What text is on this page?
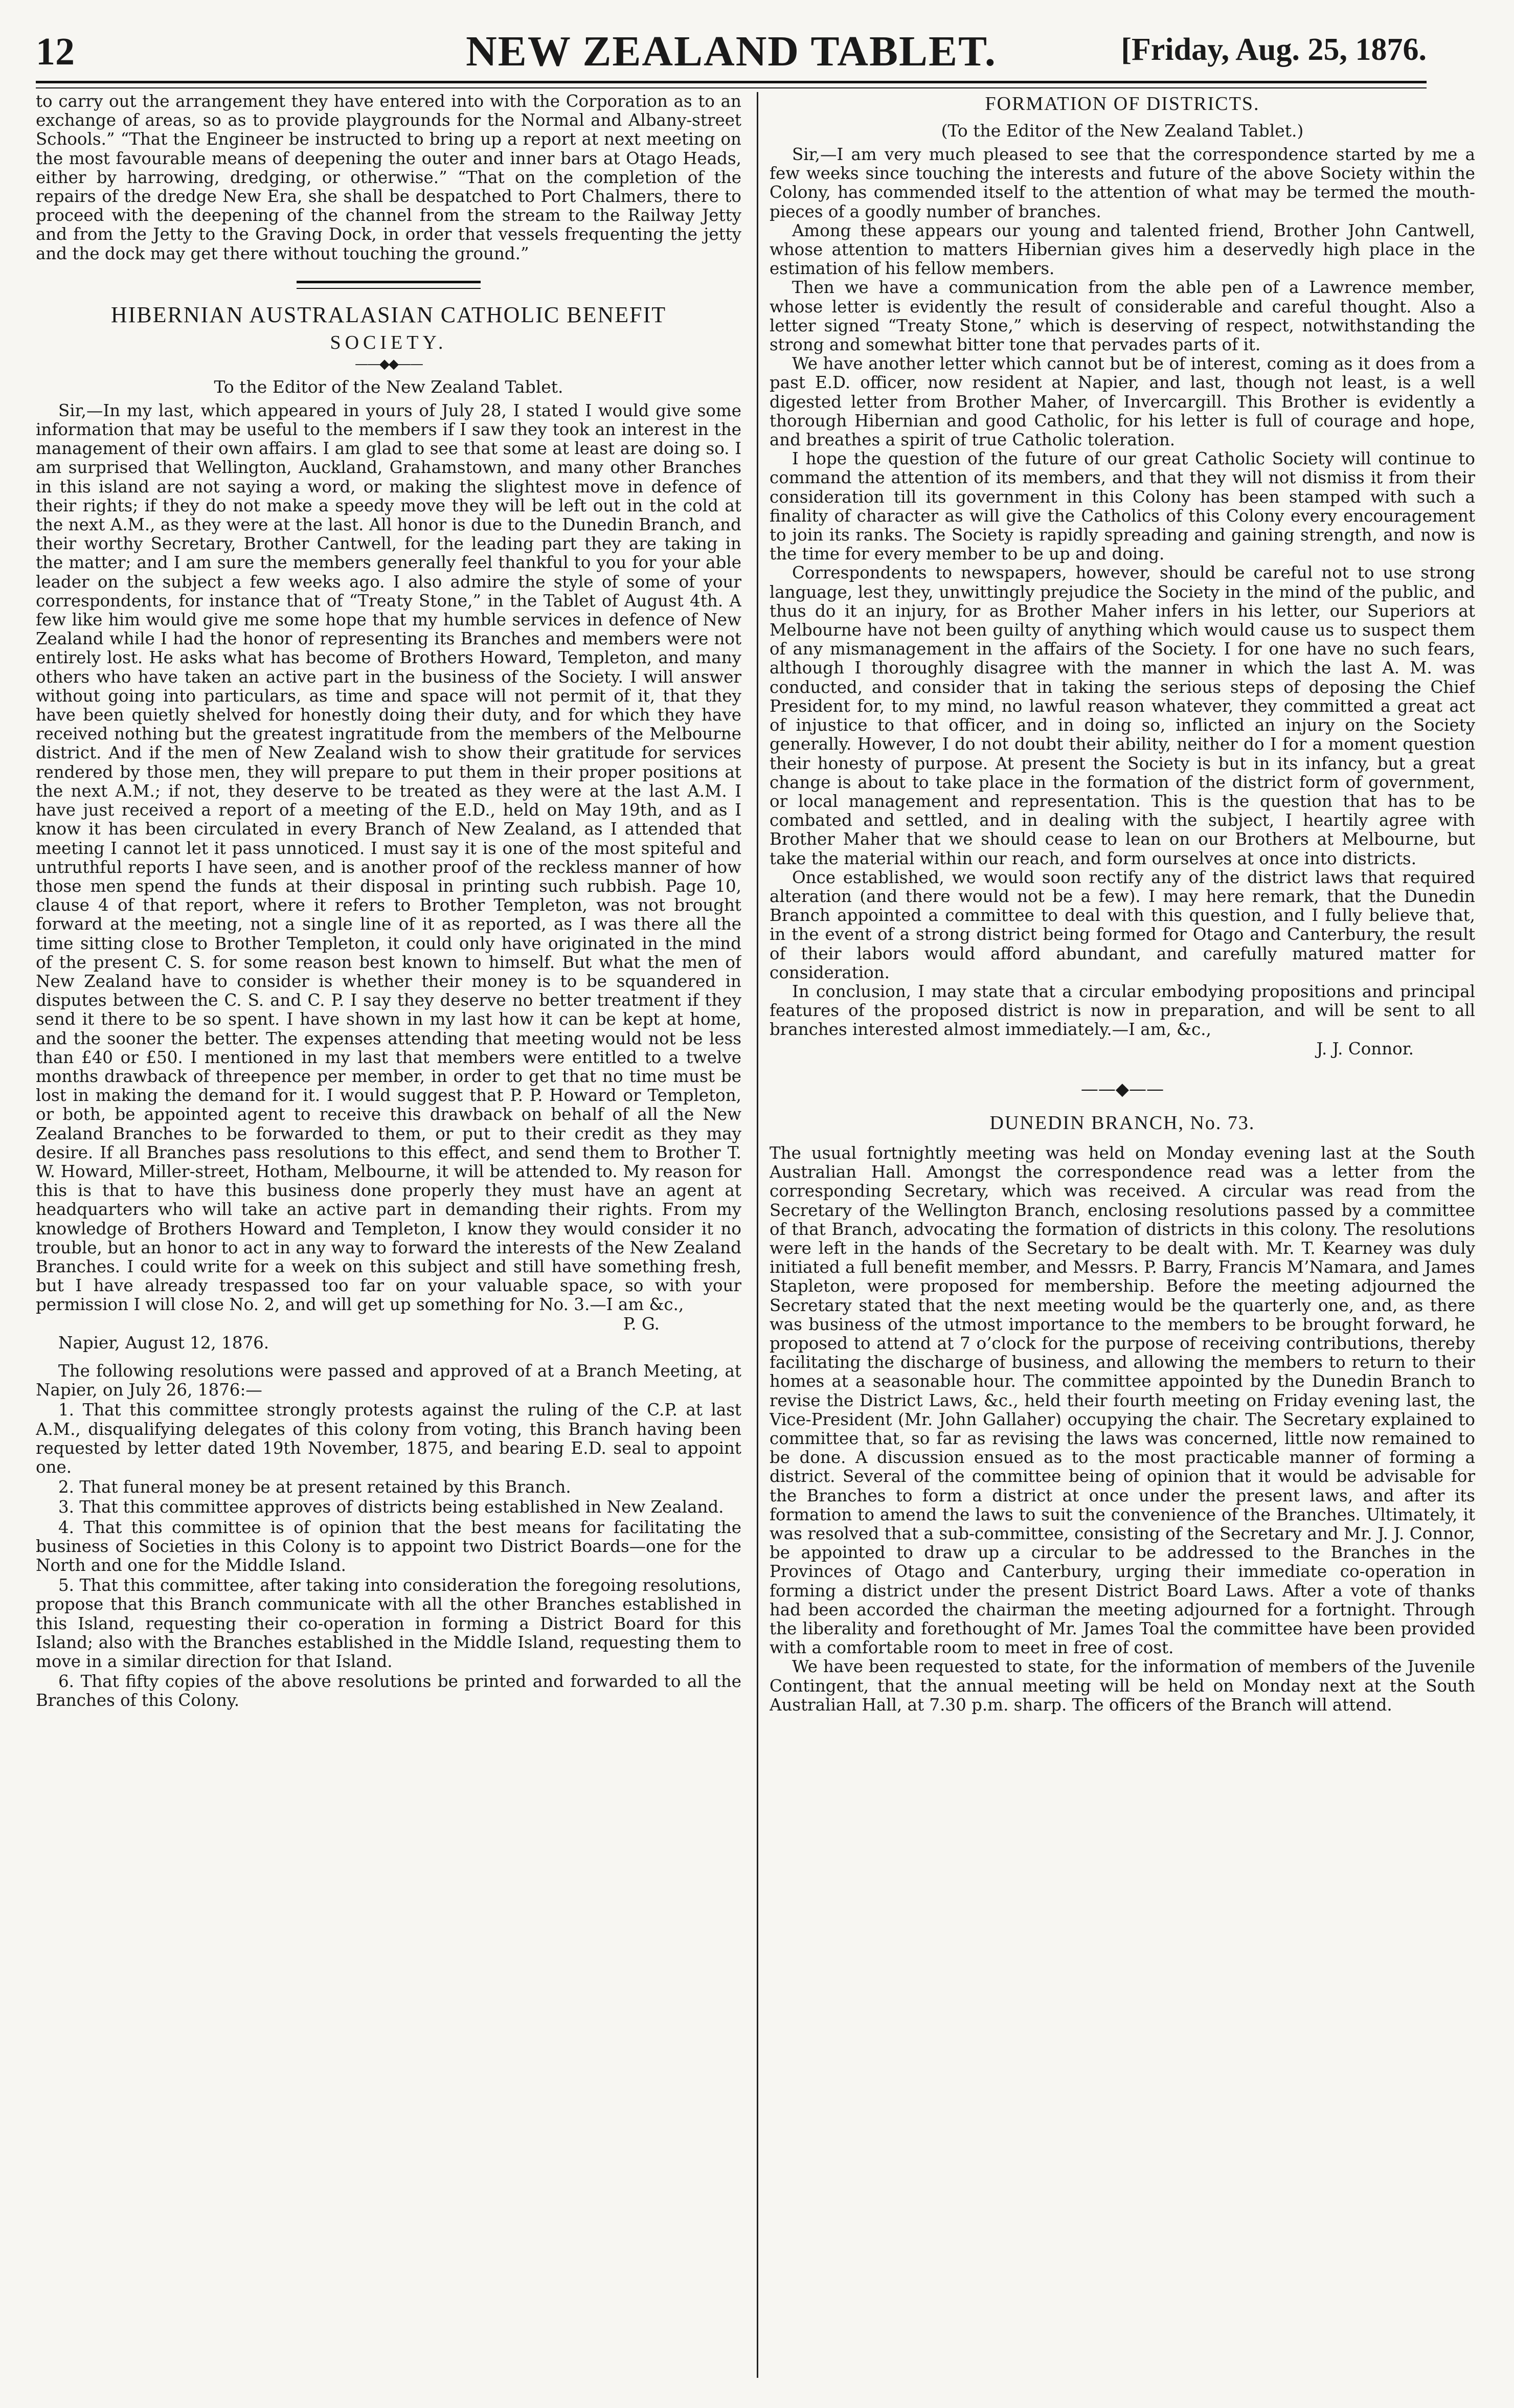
12	NEW ZEALAND TABLET.	[Friday, Aug. 25, 1876.

to carry out the arrangement they have entered into with the Corporation as to an exchange of areas, so as to provide playgrounds for the Normal and Albany-street Schools.” “That the Engineer be instructed to bring up a report at next meeting on the most favourable means of deepening the outer and inner bars at Otago Heads, either by harrowing, dredging, or otherwise.” “That on the completion of the repairs of the dredge New Era, she shall be despatched to Port Chalmers, there to proceed with the deepening of the channel from the stream to the Railway Jetty and from the Jetty to the Graving Dock, in order that vessels frequenting the jetty and the dock may get there without touching the ground.”

HIBERNIAN AUSTRALASIAN CATHOLIC BENEFIT
SOCIETY.
——◆◆——
To the Editor of the New Zealand Tablet.

Sir,—In my last, which appeared in yours of July 28, I stated I would give some information that may be useful to the members if I saw they took an interest in the management of their own affairs. I am glad to see that some at least are doing so. I am surprised that Wellington, Auckland, Grahamstown, and many other Branches in this island are not saying a word, or making the slightest move in defence of their rights; if they do not make a speedy move they will be left out in the cold at the next A.M., as they were at the last. All honor is due to the Dunedin Branch, and their worthy Secretary, Brother Cantwell, for the leading part they are taking in the matter; and I am sure the members generally feel thankful to you for your able leader on the subject a few weeks ago. I also admire the style of some of your correspondents, for instance that of “Treaty Stone,” in the Tablet of August 4th. A few like him would give me some hope that my humble services in defence of New Zealand while I had the honor of representing its Branches and members were not entirely lost. He asks what has become of Brothers Howard, Templeton, and many others who have taken an active part in the business of the Society. I will answer without going into particulars, as time and space will not permit of it, that they have been quietly shelved for honestly doing their duty, and for which they have received nothing but the greatest ingratitude from the members of the Melbourne district. And if the men of New Zealand wish to show their gratitude for services rendered by those men, they will prepare to put them in their proper positions at the next A.M.; if not, they deserve to be treated as they were at the last A.M. I have just received a report of a meeting of the E.D., held on May 19th, and as I know it has been circulated in every Branch of New Zealand, as I attended that meeting I cannot let it pass unnoticed. I must say it is one of the most spiteful and untruthful reports I have seen, and is another proof of the reckless manner of how those men spend the funds at their disposal in printing such rubbish. Page 10, clause 4 of that report, where it refers to Brother Templeton, was not brought forward at the meeting, not a single line of it as reported, as I was there all the time sitting close to Brother Templeton, it could only have originated in the mind of the present C. S. for some reason best known to himself. But what the men of New Zealand have to consider is whether their money is to be squandered in disputes between the C. S. and C. P. I say they deserve no better treatment if they send it there to be so spent. I have shown in my last how it can be kept at home, and the sooner the better. The expenses attending that meeting would not be less than £40 or £50. I mentioned in my last that members were entitled to a twelve months drawback of threepence per member, in order to get that no time must be lost in making the demand for it. I would suggest that P. P. Howard or Templeton, or both, be appointed agent to receive this drawback on behalf of all the New Zealand Branches to be forwarded to them, or put to their credit as they may desire. If all Branches pass resolutions to this effect, and send them to Brother T. W. Howard, Miller-street, Hotham, Melbourne, it will be attended to. My reason for this is that to have this business done properly they must have an agent at headquarters who will take an active part in demanding their rights. From my knowledge of Brothers Howard and Templeton, I know they would consider it no trouble, but an honor to act in any way to forward the interests of the New Zealand Branches. I could write for a week on this subject and still have something fresh, but I have already trespassed too far on your valuable space, so with your permission I will close No. 2, and will get up something for No. 3.—I am &c.,

P. G.

Napier, August 12, 1876.

The following resolutions were passed and approved of at a Branch Meeting, at Napier, on July 26, 1876:—

1. That this committee strongly protests against the ruling of the C.P. at last A.M., disqualifying delegates of this colony from voting, this Branch having been requested by letter dated 19th November, 1875, and bearing E.D. seal to appoint one.

2. That funeral money be at present retained by this Branch.

3. That this committee approves of districts being established in New Zealand.

4. That this committee is of opinion that the best means for facilitating the business of Societies in this Colony is to appoint two District Boards—one for the North and one for the Middle Island.

5. That this committee, after taking into consideration the foregoing resolutions, propose that this Branch communicate with all the other Branches established in this Island, requesting their co-operation in forming a District Board for this Island; also with the Branches established in the Middle Island, requesting them to move in a similar direction for that Island.

6. That fifty copies of the above resolutions be printed and forwarded to all the Branches of this Colony.

FORMATION OF DISTRICTS.
(To the Editor of the New Zealand Tablet.)

Sir,—I am very much pleased to see that the correspondence started by me a few weeks since touching the interests and future of the above Society within the Colony, has commended itself to the attention of what may be termed the mouth-pieces of a goodly number of branches.

Among these appears our young and talented friend, Brother John Cantwell, whose attention to matters Hibernian gives him a deservedly high place in the estimation of his fellow members.

Then we have a communication from the able pen of a Lawrence member, whose letter is evidently the result of considerable and careful thought. Also a letter signed “Treaty Stone,” which is deserving of respect, notwithstanding the strong and somewhat bitter tone that pervades parts of it.

We have another letter which cannot but be of interest, coming as it does from a past E.D. officer, now resident at Napier, and last, though not least, is a well digested letter from Brother Maher, of Invercargill. This Brother is evidently a thorough Hibernian and good Catholic, for his letter is full of courage and hope, and breathes a spirit of true Catholic toleration.

I hope the question of the future of our great Catholic Society will continue to command the attention of its members, and that they will not dismiss it from their consideration till its government in this Colony has been stamped with such a finality of character as will give the Catholics of this Colony every encouragement to join its ranks. The Society is rapidly spreading and gaining strength, and now is the time for every member to be up and doing.

Correspondents to newspapers, however, should be careful not to use strong language, lest they, unwittingly prejudice the Society in the mind of the public, and thus do it an injury, for as Brother Maher infers in his letter, our Superiors at Melbourne have not been guilty of anything which would cause us to suspect them of any mismanagement in the affairs of the Society. I for one have no such fears, although I thoroughly disagree with the manner in which the last A. M. was conducted, and consider that in taking the serious steps of deposing the Chief President for, to my mind, no lawful reason whatever, they committed a great act of injustice to that officer, and in doing so, inflicted an injury on the Society generally. However, I do not doubt their ability, neither do I for a moment question their honesty of purpose. At present the Society is but in its infancy, but a great change is about to take place in the formation of the district form of government, or local management and representation. This is the question that has to be combated and settled, and in dealing with the subject, I heartily agree with Brother Maher that we should cease to lean on our Brothers at Melbourne, but take the material within our reach, and form ourselves at once into districts.

Once established, we would soon rectify any of the district laws that required alteration (and there would not be a few). I may here remark, that the Dunedin Branch appointed a committee to deal with this question, and I fully believe that, in the event of a strong district being formed for Otago and Canterbury, the result of their labors would afford abundant, and carefully matured matter for consideration.

In conclusion, I may state that a circular embodying propositions and principal features of the proposed district is now in preparation, and will be sent to all branches interested almost immediately.—I am, &c.,

J. J. Connor.
——◆——
DUNEDIN BRANCH, No. 73.

The usual fortnightly meeting was held on Monday evening last at the South Australian Hall. Amongst the correspondence read was a letter from the corresponding Secretary, which was received. A circular was read from the Secretary of the Wellington Branch, enclosing resolutions passed by a committee of that Branch, advocating the formation of districts in this colony. The resolutions were left in the hands of the Secretary to be dealt with. Mr. T. Kearney was duly initiated a full benefit member, and Messrs. P. Barry, Francis M’Namara, and James Stapleton, were proposed for membership. Before the meeting adjourned the Secretary stated that the next meeting would be the quarterly one, and, as there was business of the utmost importance to the members to be brought forward, he proposed to attend at 7 o’clock for the purpose of receiving contributions, thereby facilitating the discharge of business, and allowing the members to return to their homes at a seasonable hour. The committee appointed by the Dunedin Branch to revise the District Laws, &c., held their fourth meeting on Friday evening last, the Vice-President (Mr. John Gallaher) occupying the chair. The Secretary explained to committee that, so far as revising the laws was concerned, little now remained to be done. A discussion ensued as to the most practicable manner of forming a district. Several of the committee being of opinion that it would be advisable for the Branches to form a district at once under the present laws, and after its formation to amend the laws to suit the convenience of the Branches. Ultimately, it was resolved that a sub-committee, consisting of the Secretary and Mr. J. J. Connor, be appointed to draw up a circular to be addressed to the Branches in the Provinces of Otago and Canterbury, urging their immediate co-operation in forming a district under the present District Board Laws. After a vote of thanks had been accorded the chairman the meeting adjourned for a fortnight. Through the liberality and forethought of Mr. James Toal the committee have been provided with a comfortable room to meet in free of cost.

We have been requested to state, for the information of members of the Juvenile Contingent, that the annual meeting will be held on Monday next at the South Australian Hall, at 7.30 p.m. sharp. The officers of the Branch will attend.
